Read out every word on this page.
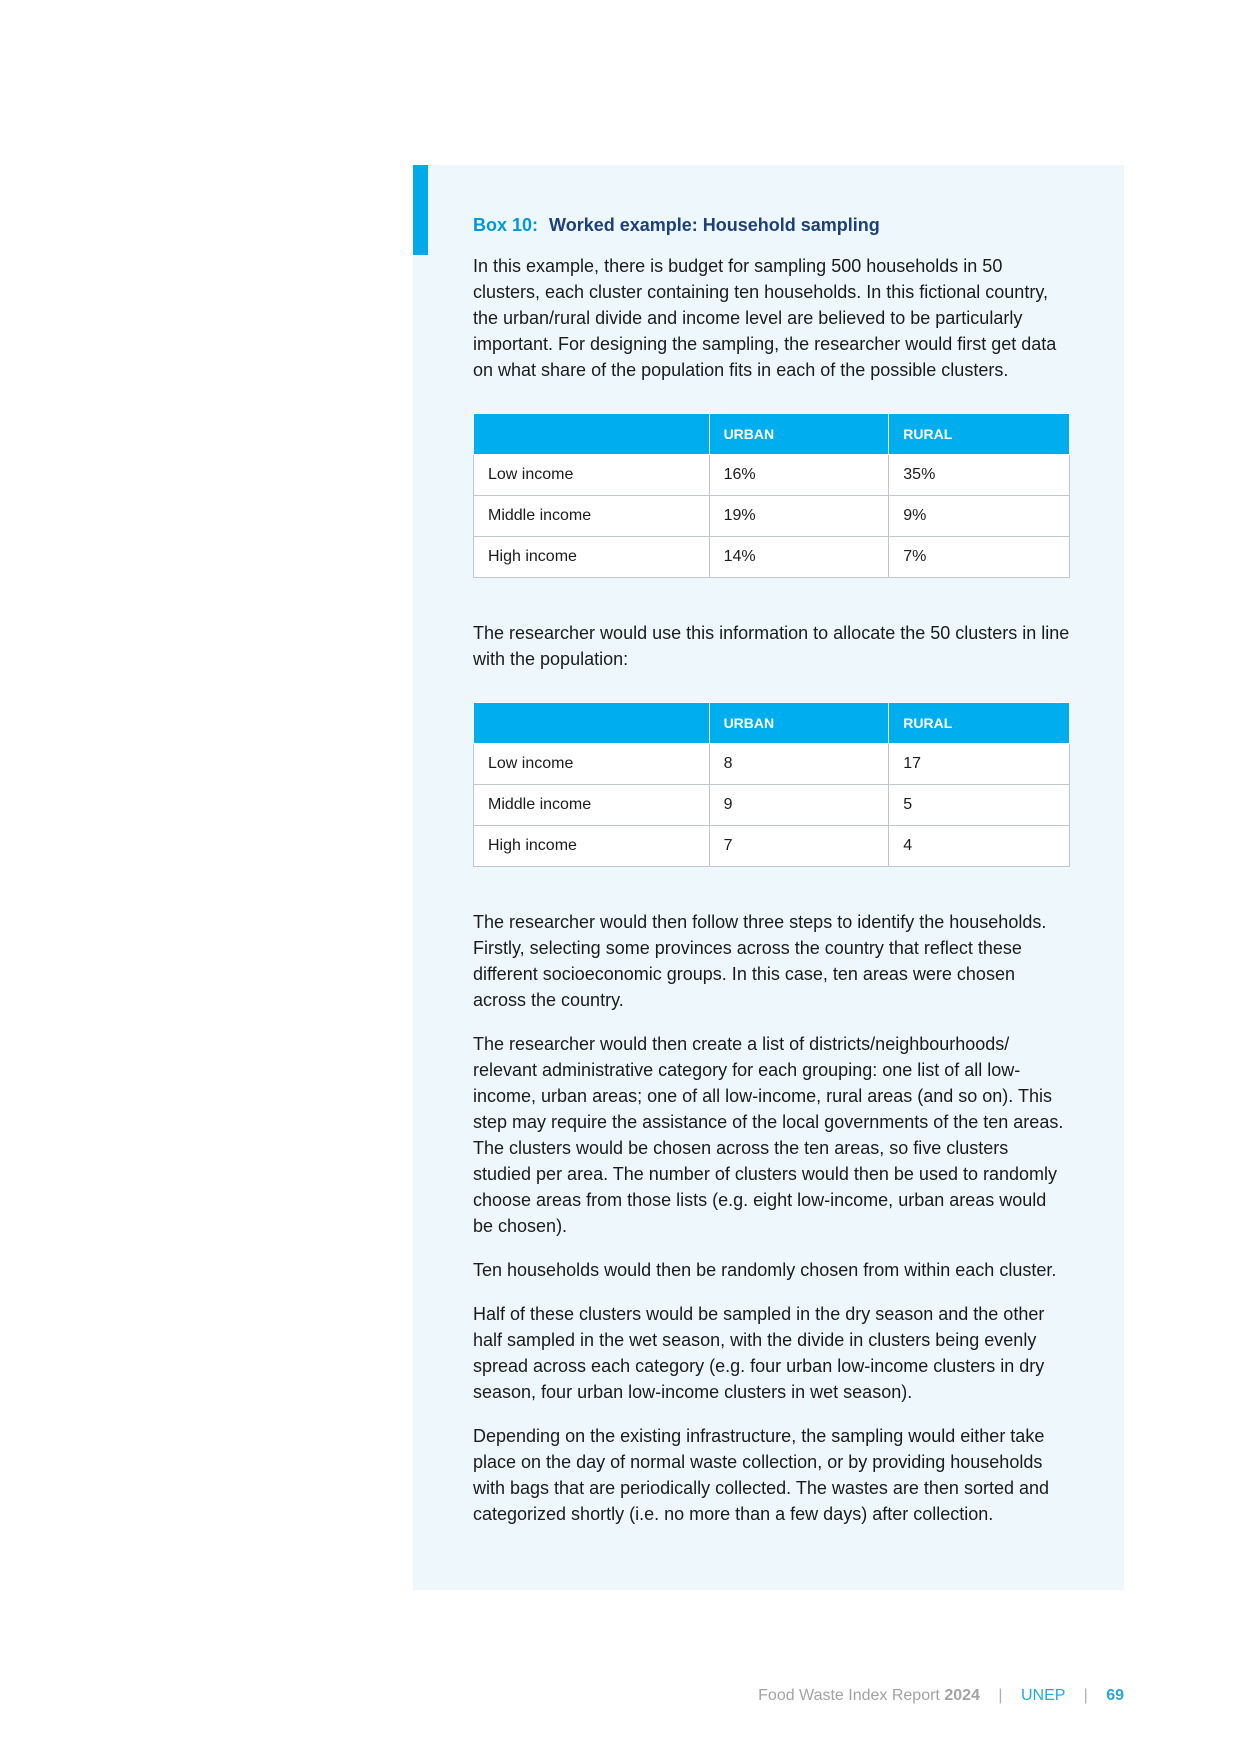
Box 10: Worked example: Household sampling

In this example, there is budget for sampling 500 households in 50 clusters, each cluster containing ten households. In this fictional country, the urban/rural divide and income level are believed to be particularly important. For designing the sampling, the researcher would first get data on what share of the population fits in each of the possible clusters.

	URBAN	RURAL
Low income	16%	35%
Middle income	19%	9%
High income	14%	7%

The researcher would use this information to allocate the 50 clusters in line with the population:

	URBAN	RURAL
Low income	8	17
Middle income	9	5
High income	7	4

The researcher would then follow three steps to identify the households. Firstly, selecting some provinces across the country that reflect these different socioeconomic groups. In this case, ten areas were chosen across the country.

The researcher would then create a list of districts/neighbourhoods/ relevant administrative category for each grouping: one list of all low-income, urban areas; one of all low-income, rural areas (and so on). This step may require the assistance of the local governments of the ten areas. The clusters would be chosen across the ten areas, so five clusters studied per area. The number of clusters would then be used to randomly choose areas from those lists (e.g. eight low-income, urban areas would be chosen).

Ten households would then be randomly chosen from within each cluster.

Half of these clusters would be sampled in the dry season and the other half sampled in the wet season, with the divide in clusters being evenly spread across each category (e.g. four urban low-income clusters in dry season, four urban low-income clusters in wet season).

Depending on the existing infrastructure, the sampling would either take place on the day of normal waste collection, or by providing households with bags that are periodically collected. The wastes are then sorted and categorized shortly (i.e. no more than a few days) after collection.

Food Waste Index Report 2024 | UNEP | 69
